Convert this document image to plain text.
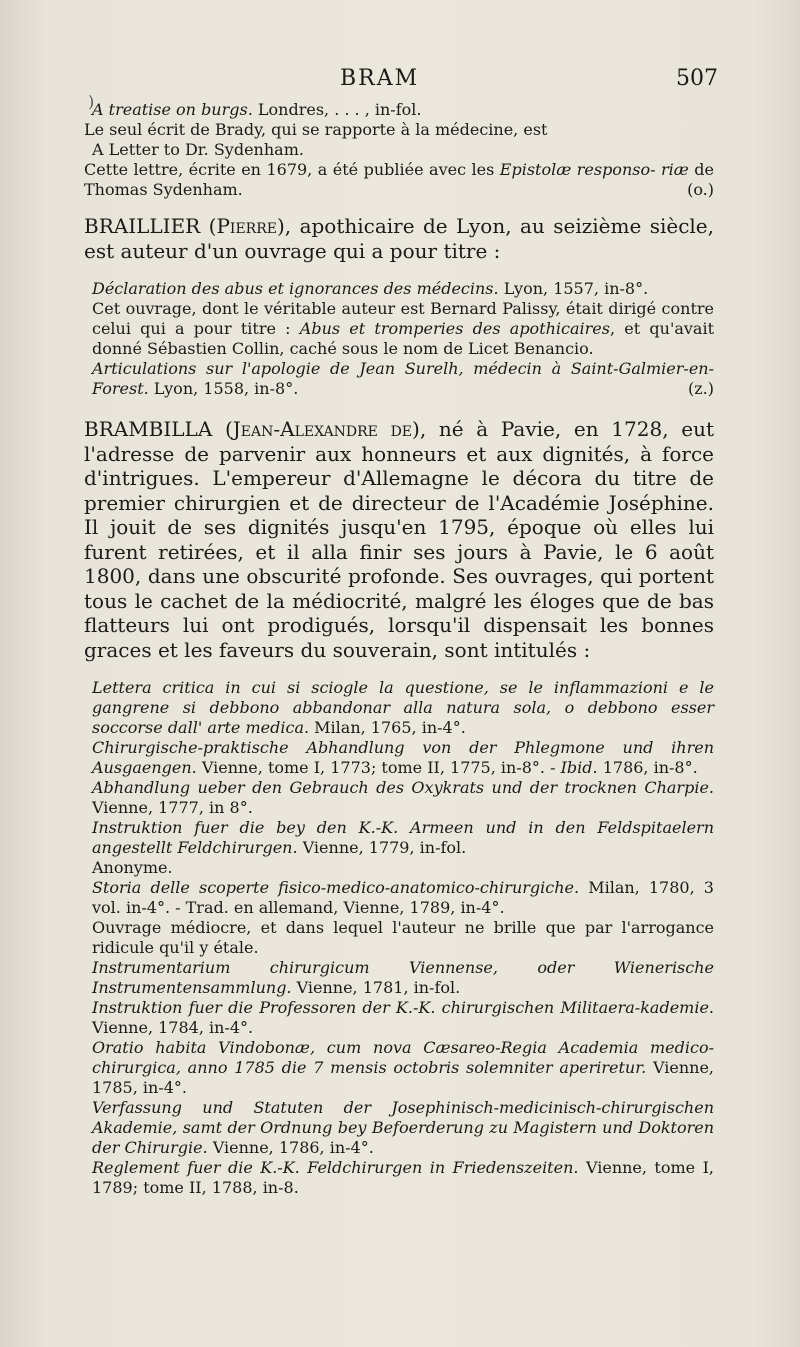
)
BRAM	507

A treatise on burgs. Londres, . . . , in-fol.

Le seul écrit de Brady, qui se rapporte à la médecine, est

A Letter to Dr. Sydenham.

Cette lettre, écrite en 1679, a été publiée avec les Epistolæ responso- riæ de Thomas Sydenham.	(o.)

BRAILLIER (Pierre), apothicaire de Lyon, au seizième siècle, est auteur d'un ouvrage qui a pour titre :

Déclaration des abus et ignorances des médecins. Lyon, 1557, in-8°.

Cet ouvrage, dont le véritable auteur est Bernard Palissy, était dirigé contre celui qui a pour titre : Abus et tromperies des apothicaires, et qu'avait donné Sébastien Collin, caché sous le nom de Licet Benancio.

Articulations sur l'apologie de Jean Surelh, médecin à Saint-Galmier-en-Forest. Lyon, 1558, in-8°.	(z.)

BRAMBILLA (Jean-Alexandre de), né à Pavie, en 1728, eut l'adresse de parvenir aux honneurs et aux dignités, à force d'intrigues. L'empereur d'Allemagne le décora du titre de premier chirurgien et de directeur de l'Académie Joséphine. Il jouit de ses dignités jusqu'en 1795, époque où elles lui furent retirées, et il alla finir ses jours à Pavie, le 6 août 1800, dans une obscurité profonde. Ses ouvrages, qui portent tous le cachet de la médiocrité, malgré les éloges que de bas flatteurs lui ont prodigués, lorsqu'il dispensait les bonnes graces et les faveurs du souverain, sont intitulés :

Lettera critica in cui si sciogle la questione, se le inflammazioni e le gangrene si debbono abbandonar alla natura sola, o debbono esser soccorse dall' arte medica. Milan, 1765, in-4°.

Chirurgische-praktische Abhandlung von der Phlegmone und ihren Ausgaengen. Vienne, tome I, 1773; tome II, 1775, in-8°. - Ibid. 1786, in-8°.

Abhandlung ueber den Gebrauch des Oxykrats und der trocknen Charpie. Vienne, 1777, in 8°.

Instruktion fuer die bey den K.-K. Armeen und in den Feldspitaelern angestellt Feldchirurgen. Vienne, 1779, in-fol.

Anonyme.

Storia delle scoperte fisico-medico-anatomico-chirurgiche. Milan, 1780, 3 vol. in-4°. - Trad. en allemand, Vienne, 1789, in-4°.

Ouvrage médiocre, et dans lequel l'auteur ne brille que par l'arrogance ridicule qu'il y étale.

Instrumentarium chirurgicum Viennense, oder Wienerische Instrumentensammlung. Vienne, 1781, in-fol.

Instruktion fuer die Professoren der K.-K. chirurgischen Militaera-kademie. Vienne, 1784, in-4°.

Oratio habita Vindobonæ, cum nova Cæsareo-Regia Academia medico-chirurgica, anno 1785 die 7 mensis octobris solemniter aperiretur. Vienne, 1785, in-4°.

Verfassung und Statuten der Josephinisch-medicinisch-chirurgischen Akademie, samt der Ordnung bey Befoerderung zu Magistern und Doktoren der Chirurgie. Vienne, 1786, in-4°.

Reglement fuer die K.-K. Feldchirurgen in Friedenszeiten. Vienne, tome I, 1789; tome II, 1788, in-8.
